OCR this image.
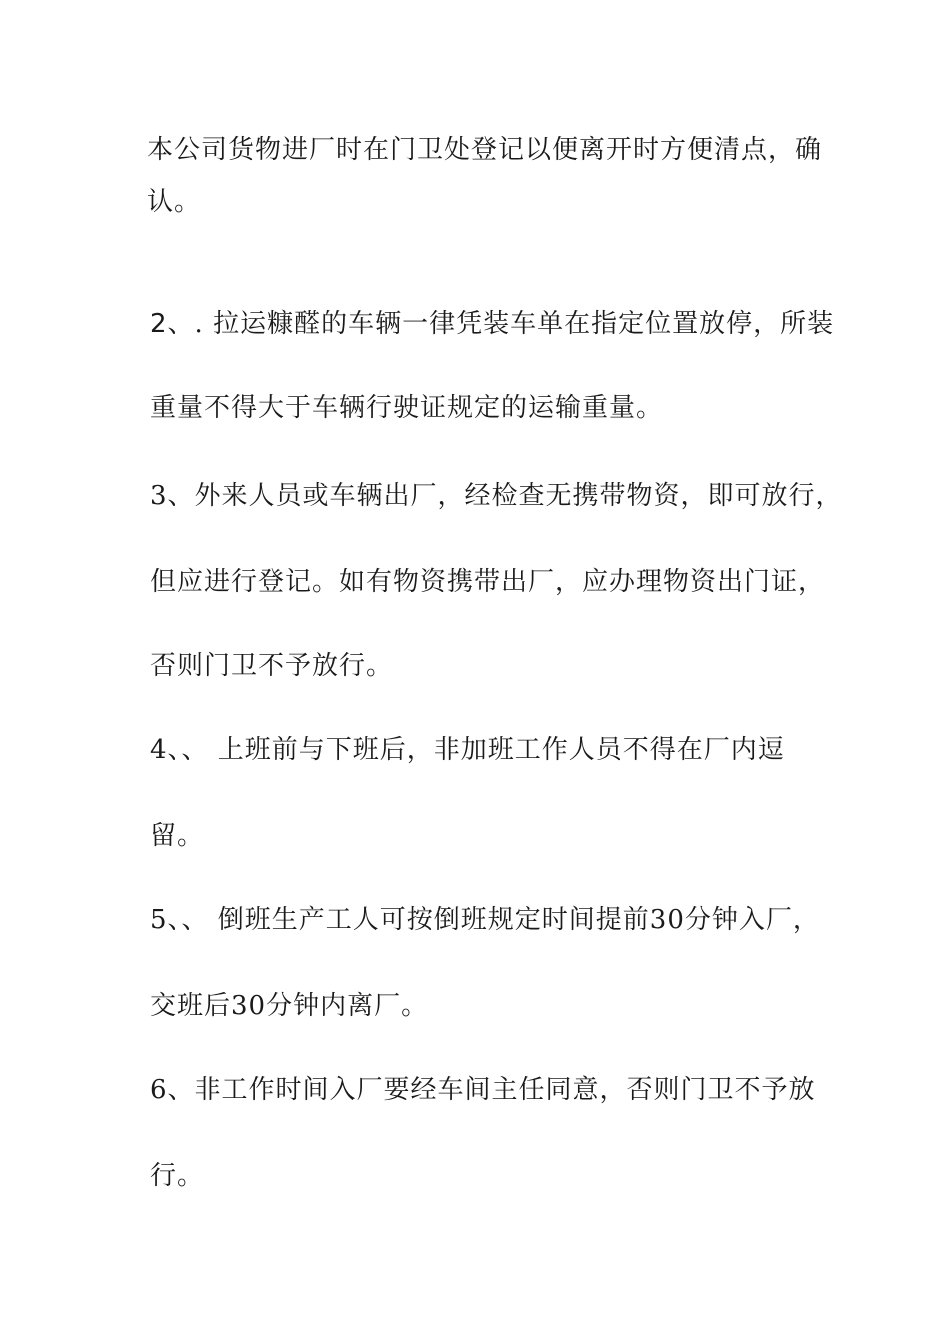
本公司货物进厂时在门卫处登记以便离开时方便清点，确
认。
2、. 拉运糠醛的车辆一律凭装车单在指定位置放停，所装
重量不得大于车辆行驶证规定的运输重量。
3、外来人员或车辆出厂，经检查无携带物资，即可放行，
但应进行登记。如有物资携带出厂，应办理物资出门证，
否则门卫不予放行。
4、、 上班前与下班后，非加班工作人员不得在厂内逗
留。
5、、 倒班生产工人可按倒班规定时间提前30分钟入厂，
交班后30分钟内离厂。
6、非工作时间入厂要经车间主任同意，否则门卫不予放
行。
